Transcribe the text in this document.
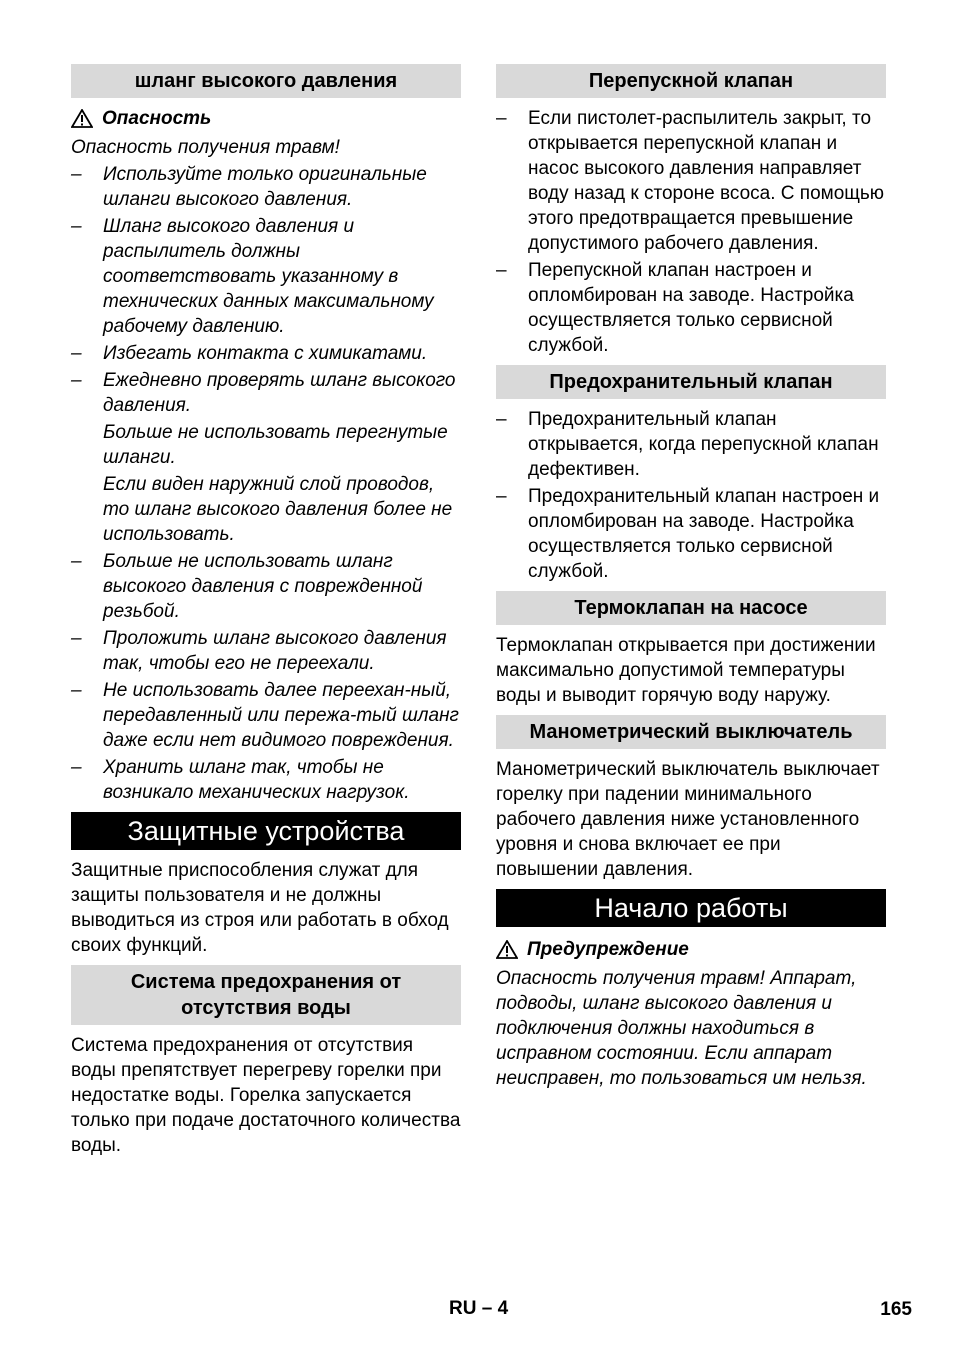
шланг высокого давления
Опасность

Опасность получения травм!

– Используйте только оригинальные шланги высокого давления.
– Шланг высокого давления и распылитель должны соответствовать указанному в технических данных максимальному рабочему давлению.
– Избегать контакта с химикатами.
– Ежедневно проверять шланг высокого давления.
Больше не использовать перегнутые шланги.
Если виден наружний слой проводов, то шланг высокого давления более не использовать.
– Больше не использовать шланг высокого давления с поврежденной резьбой.
– Проложить шланг высокого давления так, чтобы его не переехали.
– Не использовать далее переехан-ный, передавленный или пережа-тый шланг даже если нет видимого повреждения.
– Хранить шланг так, чтобы не возникало механических нагрузок.
Защитные устройства

Защитные приспособления служат для защиты пользователя и не должны выводиться из строя или работать в обход своих функций.

Система предохранения от отсутствия воды

Система предохранения от отсутствия воды препятствует перегреву горелки при недостатке воды. Горелка запускается только при подаче достаточного количества воды.

Перепускной клапан
– Если пистолет-распылитель закрыт, то открывается перепускной клапан и насос высокого давления направляет воду назад к стороне всоса. С помощью этого предотвращается превышение допустимого рабочего давления.
– Перепускной клапан настроен и опломбирован на заводе. Настройка осуществляется только сервисной службой.
Предохранительный клапан
– Предохранительный клапан открывается, когда перепускной клапан дефективен.
– Предохранительный клапан настроен и опломбирован на заводе. Настройка осуществляется только сервисной службой.
Термоклапан на насосе

Термоклапан открывается при достижении максимально допустимой температуры воды и выводит горячую воду наружу.

Манометрический выключатель

Манометрический выключатель выключает горелку при падении минимального рабочего давления ниже установленного уровня и снова включает ее при повышении давления.

Начало работы
Предупреждение

Опасность получения травм! Аппарат, подводы, шланг высокого давления и подключения должны находиться в исправном состоянии. Если аппарат неисправен, то пользоваться им нельзя.

RU – 4	165
